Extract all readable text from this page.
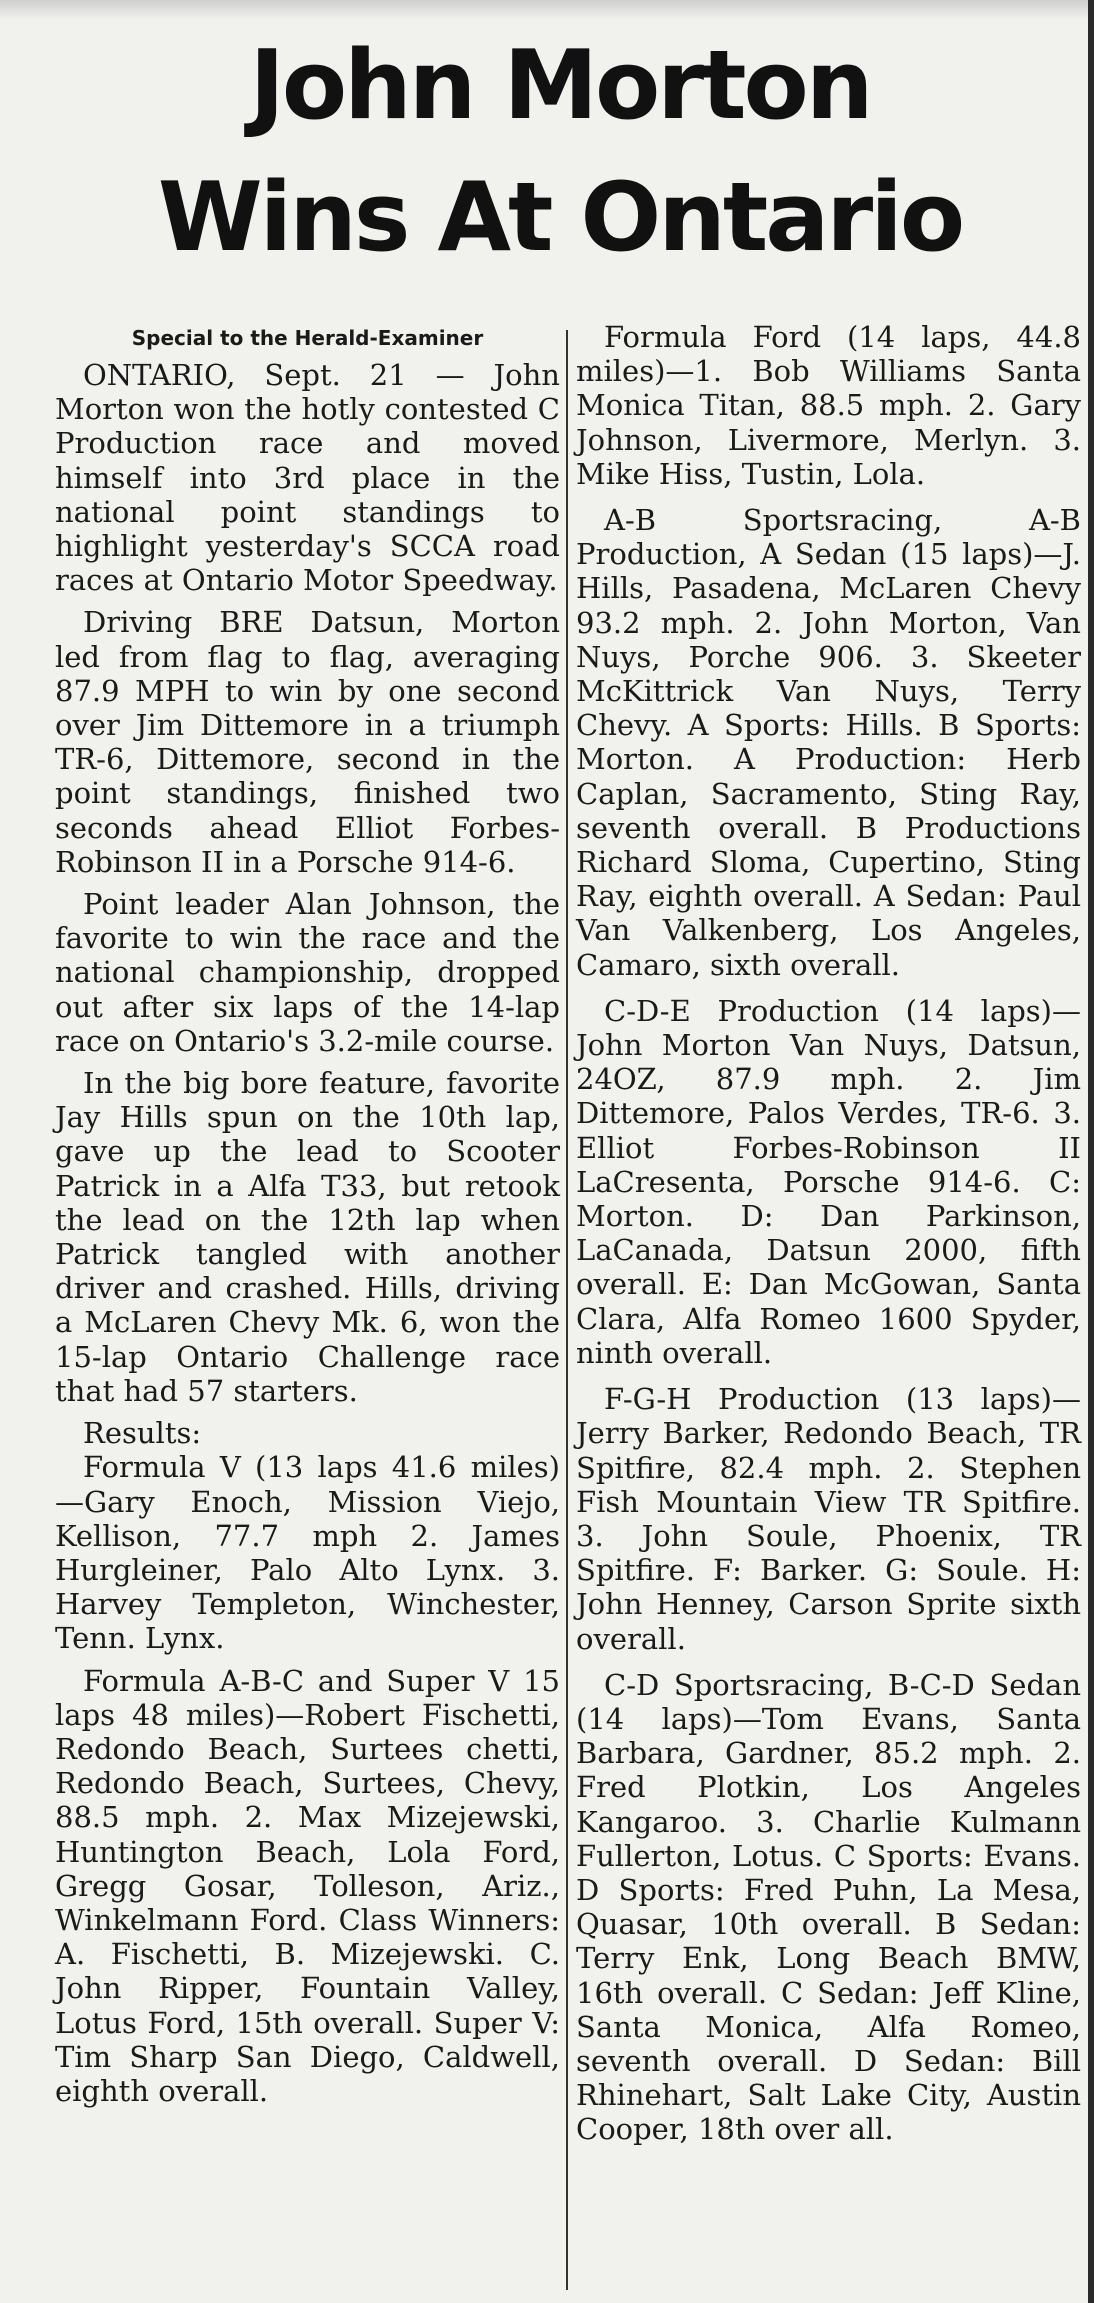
John Morton
Wins At Ontario
Special to the Herald-Examiner

ONTARIO, Sept. 21 — John Morton won the hotly contested C Production race and moved himself into 3rd place in the national point standings to highlight yesterday's SCCA road races at Ontario Motor Speedway.

Driving BRE Datsun, Morton led from flag to flag, averaging 87.9 MPH to win by one second over Jim Dittemore in a triumph TR-6, Dittemore, second in the point standings, finished two seconds ahead Elliot Forbes-Robinson II in a Porsche 914-6.

Point leader Alan Johnson, the favorite to win the race and the national championship, dropped out after six laps of the 14-lap race on Ontario's 3.2-mile course.

In the big bore feature, favorite Jay Hills spun on the 10th lap, gave up the lead to Scooter Patrick in a Alfa T33, but retook the lead on the 12th lap when Patrick tangled with another driver and crashed. Hills, driving a McLaren Chevy Mk. 6, won the 15-lap Ontario Challenge race that had 57 starters.

Results:

Formula V (13 laps 41.6 miles) —Gary Enoch, Mission Viejo, Kellison, 77.7 mph 2. James Hurgleiner, Palo Alto Lynx. 3. Harvey Templeton, Winchester, Tenn. Lynx.

Formula A-B-C and Super V 15 laps 48 miles)—Robert Fischetti, Redondo Beach, Surtees chetti, Redondo Beach, Surtees, Chevy, 88.5 mph. 2. Max Mizejewski, Huntington Beach, Lola Ford, Gregg Gosar, Tolleson, Ariz., Winkelmann Ford. Class Winners: A. Fischetti, B. Mizejewski. C. John Ripper, Fountain Valley, Lotus Ford, 15th overall. Super V: Tim Sharp San Diego, Caldwell, eighth overall.

Formula Ford (14 laps, 44.8 miles)—1. Bob Williams Santa Monica Titan, 88.5 mph. 2. Gary Johnson, Livermore, Merlyn. 3. Mike Hiss, Tustin, Lola.

A-B Sportsracing, A-B Production, A Sedan (15 laps)—J. Hills, Pasadena, McLaren Chevy 93.2 mph. 2. John Morton, Van Nuys, Porche 906. 3. Skeeter McKittrick Van Nuys, Terry Chevy. A Sports: Hills. B Sports: Morton. A Production: Herb Caplan, Sacramento, Sting Ray, seventh overall. B Productions Richard Sloma, Cupertino, Sting Ray, eighth overall. A Sedan: Paul Van Valkenberg, Los Angeles, Camaro, sixth overall.

C-D-E Production (14 laps)—John Morton Van Nuys, Datsun, 24OZ, 87.9 mph. 2. Jim Dittemore, Palos Verdes, TR-6. 3. Elliot Forbes-Robinson II LaCresenta, Porsche 914-6. C: Morton. D: Dan Parkinson, LaCanada, Datsun 2000, fifth overall. E: Dan McGowan, Santa Clara, Alfa Romeo 1600 Spyder, ninth overall.

F-G-H Production (13 laps)—Jerry Barker, Redondo Beach, TR Spitfire, 82.4 mph. 2. Stephen Fish Mountain View TR Spitfire. 3. John Soule, Phoenix, TR Spitfire. F: Barker. G: Soule. H: John Henney, Carson Sprite sixth overall.

C-D Sportsracing, B-C-D Sedan (14 laps)—Tom Evans, Santa Barbara, Gardner, 85.2 mph. 2. Fred Plotkin, Los Angeles Kangaroo. 3. Charlie Kulmann Fullerton, Lotus. C Sports: Evans. D Sports: Fred Puhn, La Mesa, Quasar, 10th overall. B Sedan: Terry Enk, Long Beach BMW, 16th overall. C Sedan: Jeff Kline, Santa Monica, Alfa Romeo, seventh overall. D Sedan: Bill Rhinehart, Salt Lake City, Austin Cooper, 18th over all.
